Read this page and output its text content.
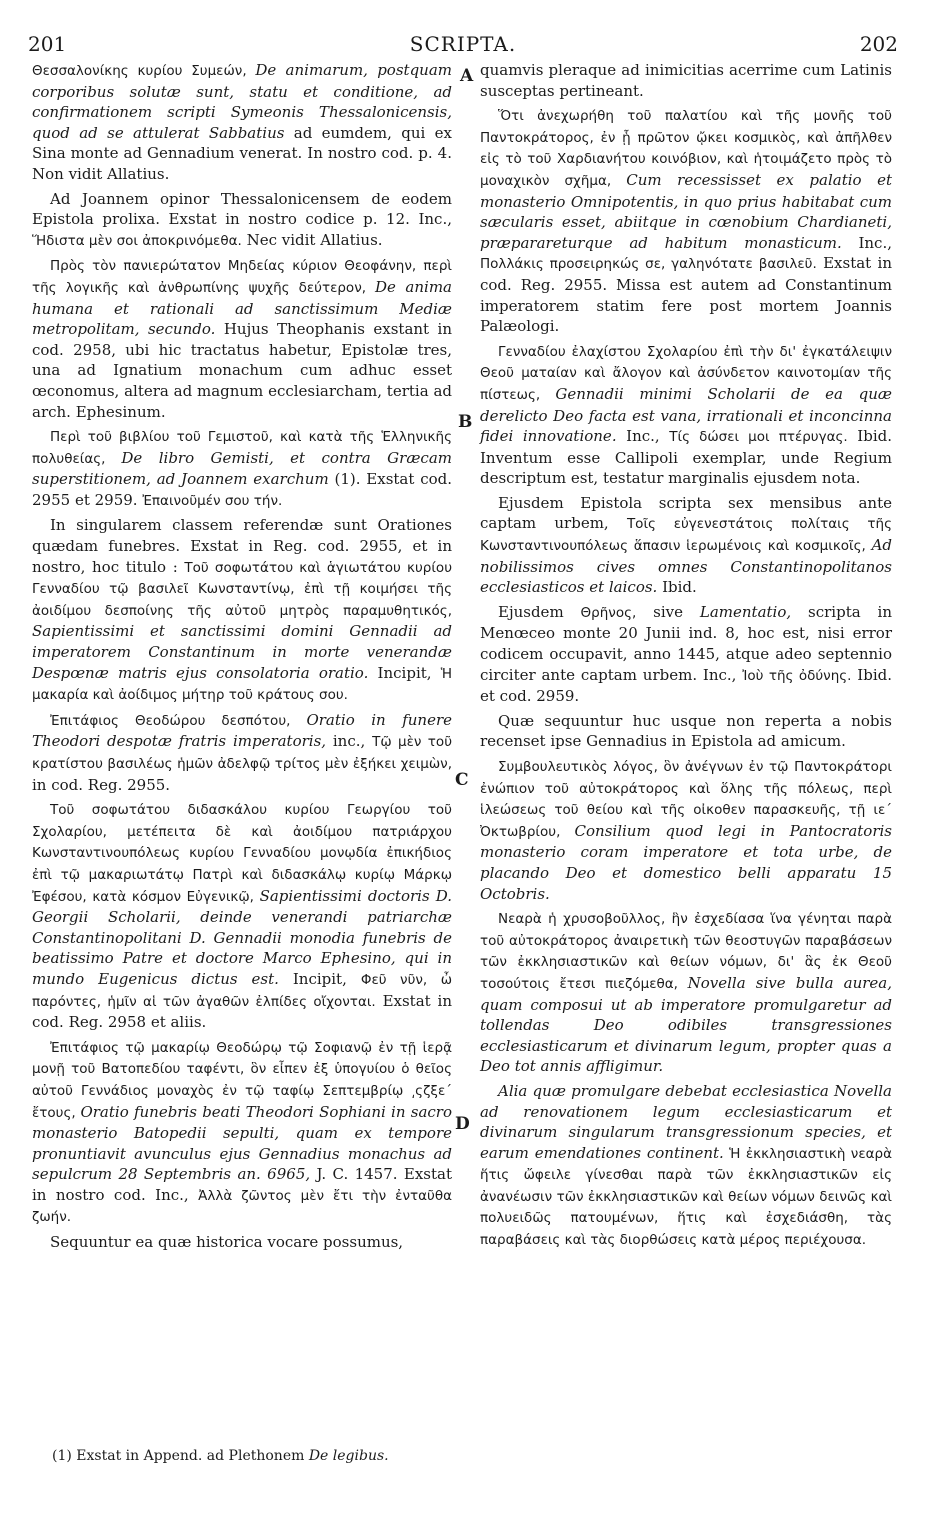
201	SCRIPTA.	202

Θεσσαλονίκης κυρίου Συμεών, De animarum, postquam corporibus solutæ sunt, statu et conditione, ad confirmationem scripti Symeonis Thessalonicensis, quod ad se attulerat Sabbatius ad eumdem, qui ex Sina monte ad Gennadium venerat. In nostro cod. p. 4. Non vidit Allatius.

Ad Joannem opinor Thessalonicensem de eodem Epistola prolixa. Exstat in nostro codice p. 12. Inc., Ἥδιστα μὲν σοι ἀποκρινόμεθα. Nec vidit Allatius.

Πρὸς τὸν πανιερώτατον Μηδείας κύριον Θεοφάνην, περὶ τῆς λογικῆς καὶ ἀνθρωπίνης ψυχῆς δεύτερον, De anima humana et rationali ad sanctissimum Mediæ metropolitam, secundo. Hujus Theophanis exstant in cod. 2958, ubi hic tractatus habetur, Epistolæ tres, una ad Ignatium monachum cum adhuc esset œconomus, altera ad magnum ecclesiarcham, tertia ad arch. Ephesinum.

Περὶ τοῦ βιβλίου τοῦ Γεμιστοῦ, καὶ κατὰ τῆς Ἑλληνικῆς πολυθείας, De libro Gemisti, et contra Græcam superstitionem, ad Joannem exarchum (1). Exstat cod. 2955 et 2959. Ἐπαινοῦμέν σου τήν.

In singularem classem referendæ sunt Orationes quædam funebres. Exstat in Reg. cod. 2955, et in nostro, hoc titulo : Τοῦ σοφωτάτου καὶ ἁγιωτάτου κυρίου Γενναδίου τῷ βασιλεῖ Κωνσταντίνῳ, ἐπὶ τῇ κοιμήσει τῆς ἀοιδίμου δεσποίνης τῆς αὐτοῦ μητρὸς παραμυθητικός, Sapientissimi et sanctissimi domini Gennadii ad imperatorem Constantinum in morte venerandæ Despœnæ matris ejus consolatoria oratio. Incipit, Ἡ μακαρία καὶ ἀοίδιμος μήτηρ τοῦ κράτους σου.

Ἐπιτάφιος Θεοδώρου δεσπότου, Oratio in funere Theodori despotæ fratris imperatoris, inc., Τῷ μὲν τοῦ κρατίστου βασιλέως ἡμῶν ἀδελφῷ τρίτος μὲν ἐξήκει χειμὼν, in cod. Reg. 2955.

Τοῦ σοφωτάτου διδασκάλου κυρίου Γεωργίου τοῦ Σχολαρίου, μετέπειτα δὲ καὶ ἀοιδίμου πατριάρχου Κωνσταντινουπόλεως κυρίου Γενναδίου μονῳδία ἐπικήδιος ἐπὶ τῷ μακαριωτάτῳ Πατρὶ καὶ διδασκάλῳ κυρίῳ Μάρκῳ Ἐφέσου, κατὰ κόσμον Εὐγενικῷ, Sapientissimi doctoris D. Georgii Scholarii, deinde venerandi patriarchæ Constantinopolitani D. Gennadii monodia funebris de beatissimo Patre et doctore Marco Ephesino, qui in mundo Eugenicus dictus est. Incipit, Φεῦ νῦν, ὦ παρόντες, ἡμῖν αἱ τῶν ἀγαθῶν ἐλπίδες οἴχονται. Exstat in cod. Reg. 2958 et aliis.

Ἐπιτάφιος τῷ μακαρίῳ Θεοδώρῳ τῷ Σοφιανῷ ἐν τῇ ἱερᾷ μονῇ τοῦ Βατοπεδίου ταφέντι, ὃν εἶπεν ἐξ ὑπογυίου ὁ θεῖος αὐτοῦ Γεννάδιος μοναχὸς ἐν τῷ ταφίῳ Σεπτεμβρίῳ ͵ςζξε΄ ἔτους, Oratio funebris beati Theodori Sophiani in sacro monasterio Batopedii sepulti, quam ex tempore pronuntiavit avunculus ejus Gennadius monachus ad sepulcrum 28 Septembris an. 6965, J. C. 1457. Exstat in nostro cod. Inc., Ἀλλὰ ζῶντος μὲν ἔτι τὴν ἐνταῦθα ζωήν.

Sequuntur ea quæ historica vocare possumus,

quamvis pleraque ad inimicitias acerrime cum Latinis susceptas pertineant.

Ὅτι ἀνεχωρήθη τοῦ παλατίου καὶ τῆς μονῆς τοῦ Παντοκράτορος, ἐν ᾗ πρῶτον ᾤκει κοσμικὸς, καὶ ἀπῆλθεν εἰς τὸ τοῦ Χαρδιανήτου κοινόβιον, καὶ ἡτοιμάζετο πρὸς τὸ μοναχικὸν σχῆμα, Cum recessisset ex palatio et monasterio Omnipotentis, in quo prius habitabat cum sæcularis esset, abiitque in cœnobium Chardianeti, præparareturque ad habitum monasticum. Inc., Πολλάκις προσειρηκώς σε, γαληνότατε βασιλεῦ. Exstat in cod. Reg. 2955. Missa est autem ad Constantinum imperatorem statim fere post mortem Joannis Palæologi.

Γενναδίου ἐλαχίστου Σχολαρίου ἐπὶ τὴν δι' ἐγκατάλειψιν Θεοῦ ματαίαν καὶ ἄλογον καὶ ἀσύνδετον καινοτομίαν τῆς πίστεως, Gennadii minimi Scholarii de ea quæ derelicto Deo facta est vana, irrationali et inconcinna fidei innovatione. Inc., Τίς δώσει μοι πτέρυγας. Ibid. Inventum esse Callipoli exemplar, unde Regium descriptum est, testatur marginalis ejusdem nota.

Ejusdem Epistola scripta sex mensibus ante captam urbem, Τοῖς εὐγενεστάτοις πολίταις τῆς Κωνσταντινουπόλεως ἅπασιν ἱερωμένοις καὶ κοσμικοῖς, Ad nobilissimos cives omnes Constantinopolitanos ecclesiasticos et laicos. Ibid.

Ejusdem Θρῆνος, sive Lamentatio, scripta in Menœceo monte 20 Junii ind. 8, hoc est, nisi error codicem occupavit, anno 1445, atque adeo septennio circiter ante captam urbem. Inc., Ἰοὺ τῆς ὀδύνης. Ibid. et cod. 2959.

Quæ sequuntur huc usque non reperta a nobis recenset ipse Gennadius in Epistola ad amicum.

Συμβουλευτικὸς λόγος, ὃν ἀνέγνων ἐν τῷ Παντοκράτορι ἐνώπιον τοῦ αὐτοκράτορος καὶ ὅλης τῆς πόλεως, περὶ ἱλεώσεως τοῦ θείου καὶ τῆς οἰκοθεν παρασκευῆς, τῇ ιε΄ Ὀκτωβρίου, Consilium quod legi in Pantocratoris monasterio coram imperatore et tota urbe, de placando Deo et domestico belli apparatu 15 Octobris.

Νεαρὰ ἡ χρυσοβοῦλλος, ἣν ἐσχεδίασα ἵνα γένηται παρὰ τοῦ αὐτοκράτορος ἀναιρετικὴ τῶν θεοστυγῶν παραβάσεων τῶν ἐκκλησιαστικῶν καὶ θείων νόμων, δι' ἃς ἐκ Θεοῦ τοσούτοις ἔτεσι πιεζόμεθα, Novella sive bulla aurea, quam composui ut ab imperatore promulgaretur ad tollendas Deo odibiles transgressiones ecclesiasticarum et divinarum legum, propter quas a Deo tot annis affligimur.

Alia quæ promulgare debebat ecclesiastica Novella ad renovationem legum ecclesiasticarum et divinarum singularum transgressionum species, et earum emendationes continent. Ἡ ἐκκλησιαστικὴ νεαρὰ ἥτις ὤφειλε γίνεσθαι παρὰ τῶν ἐκκλησιαστικῶν εἰς ἀνανέωσιν τῶν ἐκκλησιαστικῶν καὶ θείων νόμων δεινῶς καὶ πολυειδῶς πατουμένων, ἥτις καὶ ἐσχεδιάσθη, τὰς παραβάσεις καὶ τὰς διορθώσεις κατὰ μέρος περιέχουσα.

A
B
C
D
(1) Exstat in Append. ad Plethonem De legibus.
